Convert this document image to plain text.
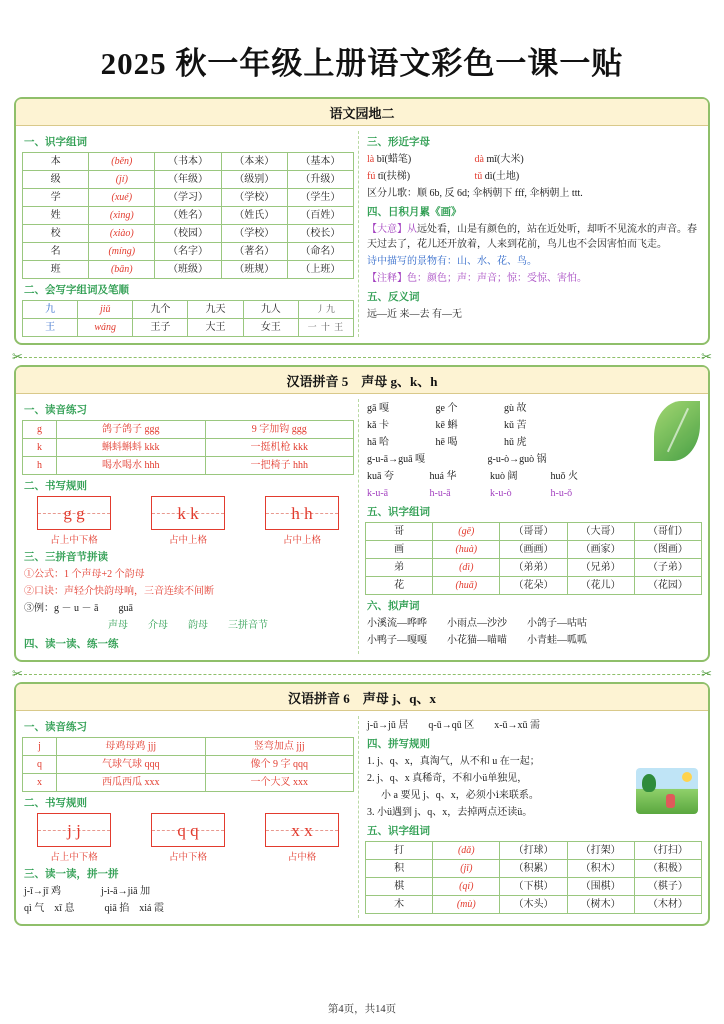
2025 秋一年级上册语文彩色一课一贴
语文园地二
一、识字组词
本	(běn)	（书本）	（本来）	（基本）
级	(jí)	（年级）	（级别）	（升级）
学	(xué)	（学习）	（学校）	（学生）
姓	(xìng)	（姓名）	（姓氏）	（百姓）
校	(xiào)	（校园）	（学校）	（校长）
名	(míng)	（名字）	（著名）	（命名）
班	(bān)	（班级）	（班规）	（上班）
二、会写字组词及笔顺
九	jiǔ	九个	九天	九人	丿九
王	wáng	王子	大王	女王	一 十 王
三、形近字母
là bǐ(蜡笔)	dà mǐ(大米)
fú tī(扶梯)	tǔ dì(土地)
区分儿歌：顺 6b, 反 6d; 伞柄朝下 fff, 伞柄朝上 ttt.
四、日积月累《画》
【大意】从远处看，山是有颜色的，站在近处听，却听不见流水的声音。春天过去了，花儿还开放着，人来到花前，鸟儿也不会因害怕而飞走。
诗中描写的景物有：山、水、花、鸟。
【注释】色：颜色；声：声音；惊：受惊、害怕。
五、反义词
远—近 来—去 有—无
✂	✂
汉语拼音 5　声母 g、k、h
一、读音练习
g	鸽子鸽子 ggg	9 字加钩 ggg
k	蝌蚪蝌蚪 kkk	一挺机枪 kkk
h	喝水喝水 hhh	一把椅子 hhh
二、书写规则
g g
占上中下格
k k
占中上格
h h
占中上格
三、三拼音节拼读
①公式：1 个声母+2 个韵母
②口诀：声轻介快韵母响，三音连续不间断
③例：g － u － ā　　guā
声母　　介母　　韵母　　三拼音节
四、读一读、练一练
gā 嘎	ge 个	gù 故
kǎ 卡	kē 蝌	kǔ 苦
hā 哈	hē 喝	hǔ 虎
g-u-ā→guā 嘎	g-u-ò→guò 锅
kuā 夸	huá 华	kuò 阔	huǒ 火
k-u-ā	h-u-ā	k-u-ò	h-u-ǒ
五、识字组词
哥	(gē)	（哥哥）	（大哥）	（哥们）
画	(huà)	（画画）	（画家）	（图画）
弟	(dì)	（弟弟）	（兄弟）	（子弟）
花	(huā)	（花朵）	（花儿）	（花园）
六、拟声词
小溪流—哗哗　　小雨点—沙沙　　小鸽子—咕咕
小鸭子—嘎嘎　　小花猫—喵喵　　小青蛙—呱呱
✂	✂
汉语拼音 6　声母 j、q、x
一、读音练习
j	母鸡母鸡 jjj	竖弯加点 jjj
q	气球气球 qqq	像个 9 字 qqq
x	西瓜西瓜 xxx	一个大叉 xxx
二、书写规则
j j
占上中下格
q q
占中下格
x x
占中格
三、读一读，拼一拼
j-ī→jī 鸡　　　　j-i-ā→jiā 加
qì 气　xī 息　　　qiā 掐　xiá 霞
j-ū→jū 居　　q-ū→qū 区　　x-ū→xū 需
四、拼写规则
1. j、q、x，真淘气，从不和 u 在一起；
2. j、q、x 真稀奇，不和小ü单独见，
小 a 要见 j、q、x，必须小ⅰ来联系。
3. 小ü遇到 j、q、x，去掉两点还读ü。
五、识字组词
打	(dǎ)	（打球）	（打架）	（打扫）
积	(jī)	（积累）	（积木）	（积极）
棋	(qí)	（下棋）	（围棋）	（棋子）
木	(mù)	（木头）	（树木）	（木材）
第4页，共14页
